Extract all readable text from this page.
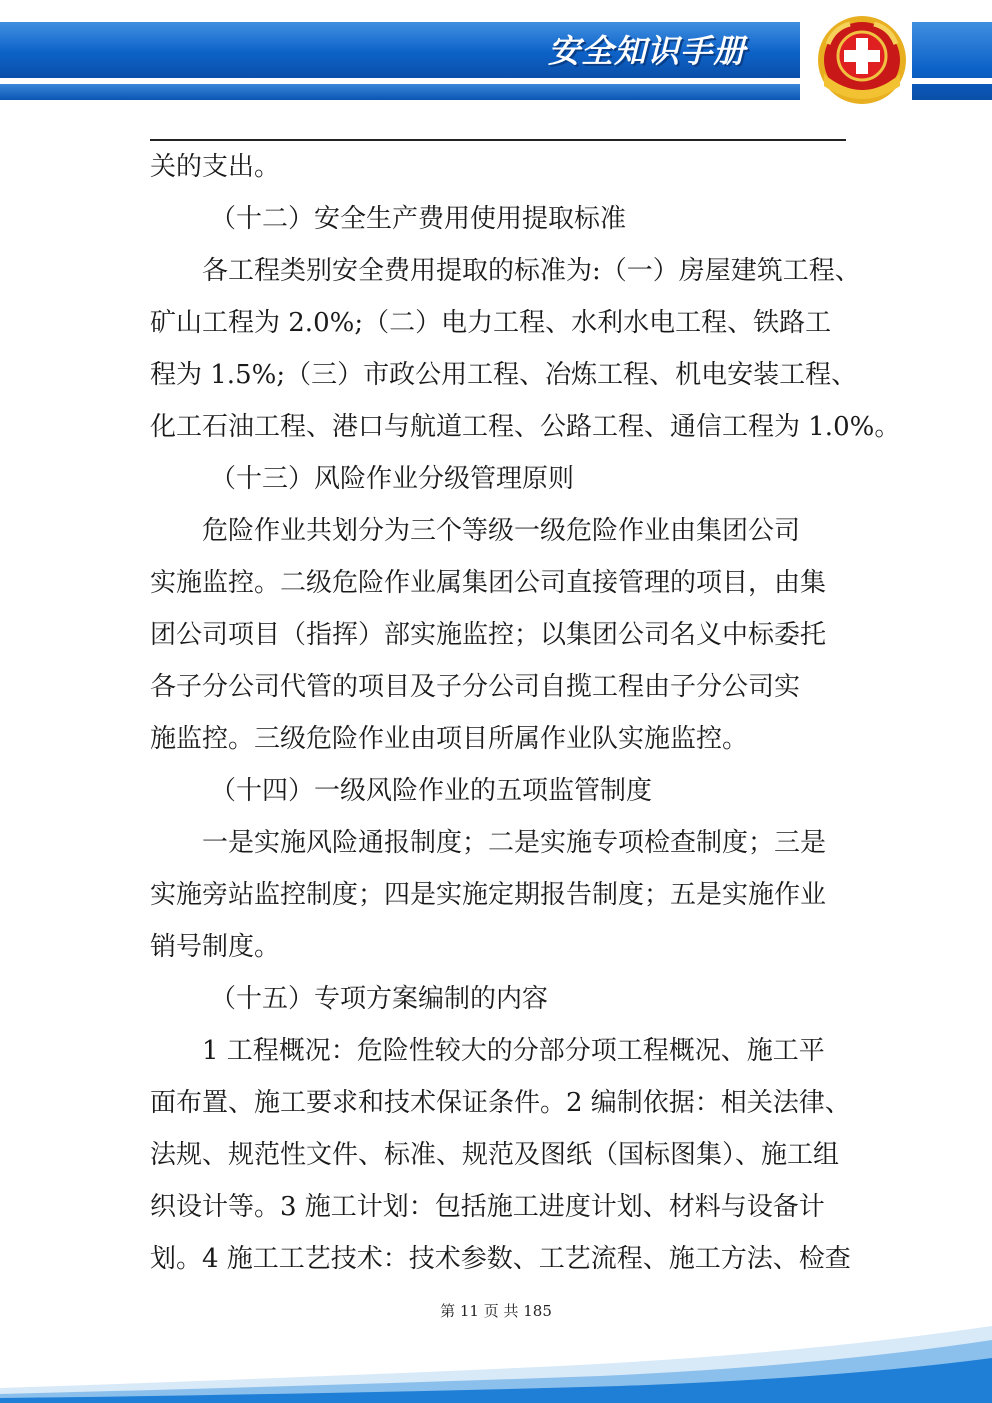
安全知识手册
关的支出。
（十二）安全生产费用使用提取标准
各工程类别安全费用提取的标准为:（一）房屋建筑工程、
矿山工程为 2.0%;（二）电力工程、水利水电工程、铁路工
程为 1.5%;（三）市政公用工程、冶炼工程、机电安装工程、
化工石油工程、港口与航道工程、公路工程、通信工程为 1.0%。
（十三）风险作业分级管理原则
危险作业共划分为三个等级一级危险作业由集团公司
实施监控。二级危险作业属集团公司直接管理的项目，由集
团公司项目（指挥）部实施监控；以集团公司名义中标委托
各子分公司代管的项目及子分公司自揽工程由子分公司实
施监控。三级危险作业由项目所属作业队实施监控。
（十四）一级风险作业的五项监管制度
一是实施风险通报制度；二是实施专项检查制度；三是
实施旁站监控制度；四是实施定期报告制度；五是实施作业
销号制度。
（十五）专项方案编制的内容
1 工程概况：危险性较大的分部分项工程概况、施工平
面布置、施工要求和技术保证条件。2 编制依据：相关法律、
法规、规范性文件、标准、规范及图纸（国标图集）、施工组
织设计等。3 施工计划：包括施工进度计划、材料与设备计
划。4 施工工艺技术：技术参数、工艺流程、施工方法、检查
第 11 页 共 185
